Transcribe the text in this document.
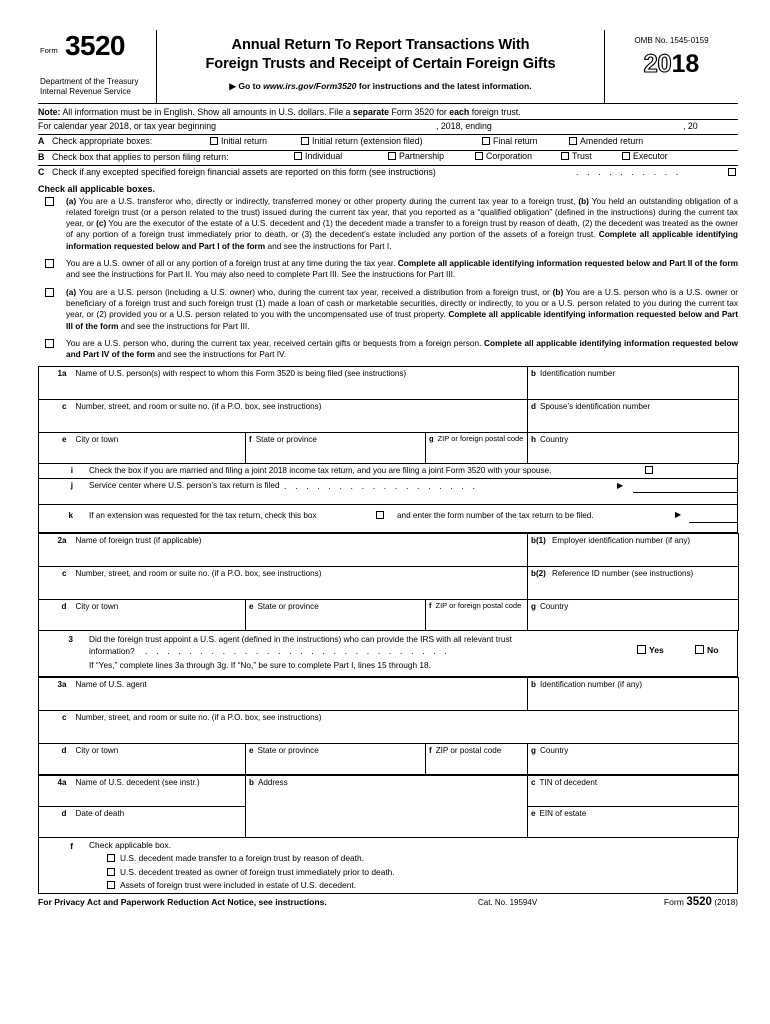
Form 3520
Department of the Treasury
Internal Revenue Service
Annual Return To Report Transactions With
Foreign Trusts and Receipt of Certain Foreign Gifts
▶ Go to www.irs.gov/Form3520 for instructions and the latest information.
OMB No. 1545-0159
2018
Note: All information must be in English. Show all amounts in U.S. dollars. File a separate Form 3520 for each foreign trust.
For calendar year 2018, or tax year beginning	, 2018, ending	, 20
A Check appropriate boxes:	Initial return	Initial return (extension filed)	Final return	Amended return
B Check box that applies to person filing return:	Individual	Partnership	Corporation	Trust	Executor
C Check if any excepted specified foreign financial assets are reported on this form (see instructions)	. . . . . . . . . .
Check all applicable boxes.
(a) You are a U.S. transferor who, directly or indirectly, transferred money or other property during the current tax year to a foreign trust, (b) You held an outstanding obligation of a related foreign trust (or a person related to the trust) issued during the current tax year, that you reported as a “qualified obligation” (defined in the instructions) during the current tax year, or (c) You are the executor of the estate of a U.S. decedent and (1) the decedent made a transfer to a foreign trust by reason of death, (2) the decedent was treated as the owner of any portion of a foreign trust immediately prior to death, or (3) the decedent’s estate included any portion of the assets of a foreign trust. Complete all applicable identifying information requested below and Part I of the form and see the instructions for Part I.
You are a U.S. owner of all or any portion of a foreign trust at any time during the tax year. Complete all applicable identifying information requested below and Part II of the form and see the instructions for Part II. You may also need to complete Part III. See the instructions for Part III.
(a) You are a U.S. person (including a U.S. owner) who, during the current tax year, received a distribution from a foreign trust, or (b) You are a U.S. person who is a U.S. owner or beneficiary of a foreign trust and such foreign trust (1) made a loan of cash or marketable securities, directly or indirectly, to you or a U.S. person related to you during the current tax year, or (2) provided you or a U.S. person related to you with the uncompensated use of trust property. Complete all applicable identifying information requested below and Part III of the form and see the instructions for Part III.
You are a U.S. person who, during the current tax year, received certain gifts or bequests from a foreign person. Complete all applicable identifying information requested below and Part IV of the form and see the instructions for Part IV.
1a	Name of U.S. person(s) with respect to whom this Form 3520 is being filed (see instructions)			b Identification number
c	Number, street, and room or suite no. (if a P.O. box, see instructions)			d Spouse’s identification number
e	City or town	f State or province	g ZIP or foreign postal code	h Country
i Check the box if you are married and filing a joint 2018 income tax return, and you are filing a joint Form 3520 with your spouse.
j Service center where U.S. person’s tax return is filed . . . . . . . . . . . . . . . . . .	▶
k If an extension was requested for the tax return, check this box	and enter the form number of the tax return to be filed.	▶
2a	Name of foreign trust (if applicable)			b(1) Employer identification number (if any)
c	Number, street, and room or suite no. (if a P.O. box, see instructions)			b(2) Reference ID number (see instructions)
d	City or town	e State or province	f ZIP or foreign postal code	g Country
3 Did the foreign trust appoint a U.S. agent (defined in the instructions) who can provide the IRS with all relevant trust
information? . . . . . . . . . . . . . . . . . . . . . . . . . . . .
If “Yes,” complete lines 3a through 3g. If “No,” be sure to complete Part I, lines 15 through 18.
Yes	No
3a	Name of U.S. agent			b Identification number (if any)
c	Number, street, and room or suite no. (if a P.O. box, see instructions)			
d	City or town	e State or province	f ZIP or postal code	g Country
4a	Name of U.S. decedent (see instr.)	b Address	c TIN of decedent
d	Date of death		e EIN of estate
f Check applicable box.
U.S. decedent made transfer to a foreign trust by reason of death.
U.S. decedent treated as owner of foreign trust immediately prior to death.
Assets of foreign trust were included in estate of U.S. decedent.
For Privacy Act and Paperwork Reduction Act Notice, see instructions.	Cat. No. 19594V	Form 3520 (2018)
